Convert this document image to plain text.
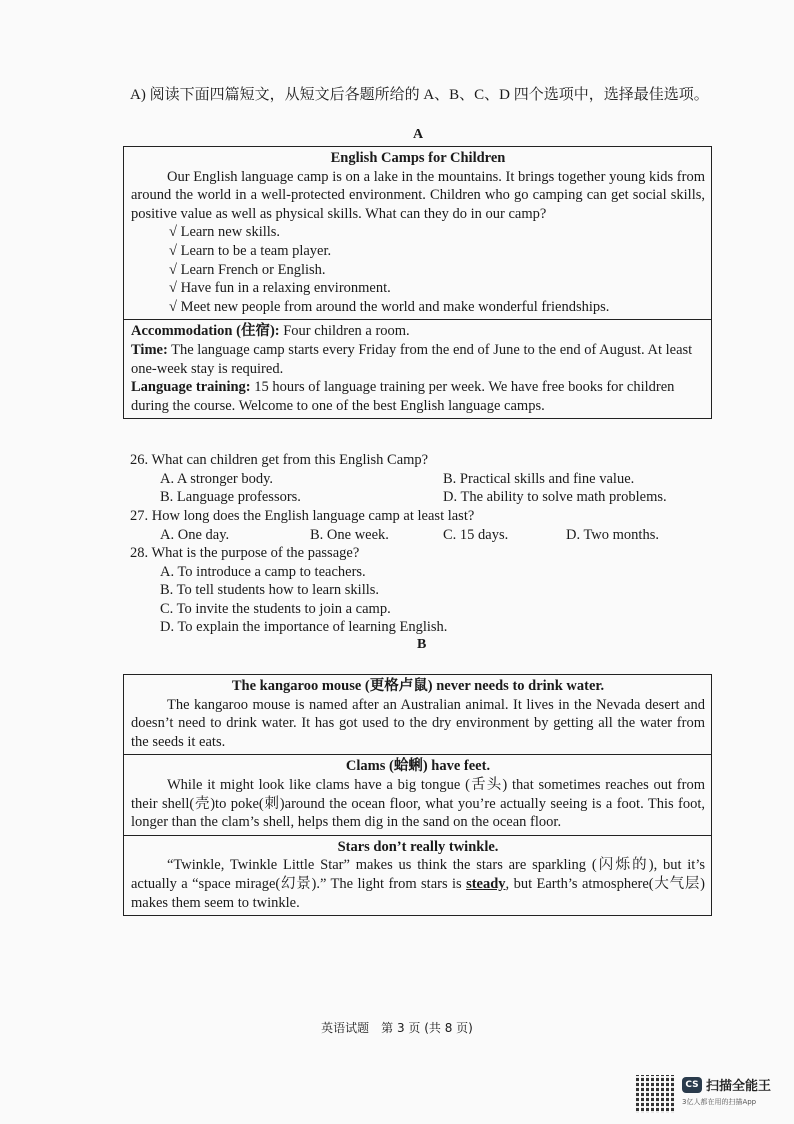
A) 阅读下面四篇短文，从短文后各题所给的 A、B、C、D 四个选项中，选择最佳选项。
A
English Camps for Children
Our English language camp is on a lake in the mountains. It brings together young kids from around the world in a well-protected environment. Children who go camping can get social skills, positive value as well as physical skills. What can they do in our camp?
√ Learn new skills.
√ Learn to be a team player.
√ Learn French or English.
√ Have fun in a relaxing environment.
√ Meet new people from around the world and make wonderful friendships.
Accommodation (住宿): Four children a room.
Time: The language camp starts every Friday from the end of June to the end of August. At least one-week stay is required.
Language training: 15 hours of language training per week. We have free books for children during the course. Welcome to one of the best English language camps.
26. What can children get from this English Camp?
A. A stronger body.	B. Practical skills and fine value.
B. Language professors.	D. The ability to solve math problems.
27. How long does the English language camp at least last?
A. One day.	B. One week.	C. 15 days.	D. Two months.
28. What is the purpose of the passage?
A. To introduce a camp to teachers.
B. To tell students how to learn skills.
C. To invite the students to join a camp.
D. To explain the importance of learning English.
B
The kangaroo mouse (更格卢鼠) never needs to drink water.
The kangaroo mouse is named after an Australian animal. It lives in the Nevada desert and doesn’t need to drink water. It has got used to the dry environment by getting all the water from the seeds it eats.
Clams (蛤蜊) have feet.
While it might look like clams have a big tongue (舌头) that sometimes reaches out from their shell(壳)to poke(刺)around the ocean floor, what you’re actually seeing is a foot. This foot, longer than the clam’s shell, helps them dig in the sand on the ocean floor.
Stars don’t really twinkle.
“Twinkle, Twinkle Little Star” makes us think the stars are sparkling (闪烁的), but it’s actually a “space mirage(幻景).” The light from stars is steady, but Earth’s atmosphere(大气层) makes them seem to twinkle.
英语试题 第 3 页 (共 8 页)
CS 扫描全能王
3亿人都在用的扫描App
